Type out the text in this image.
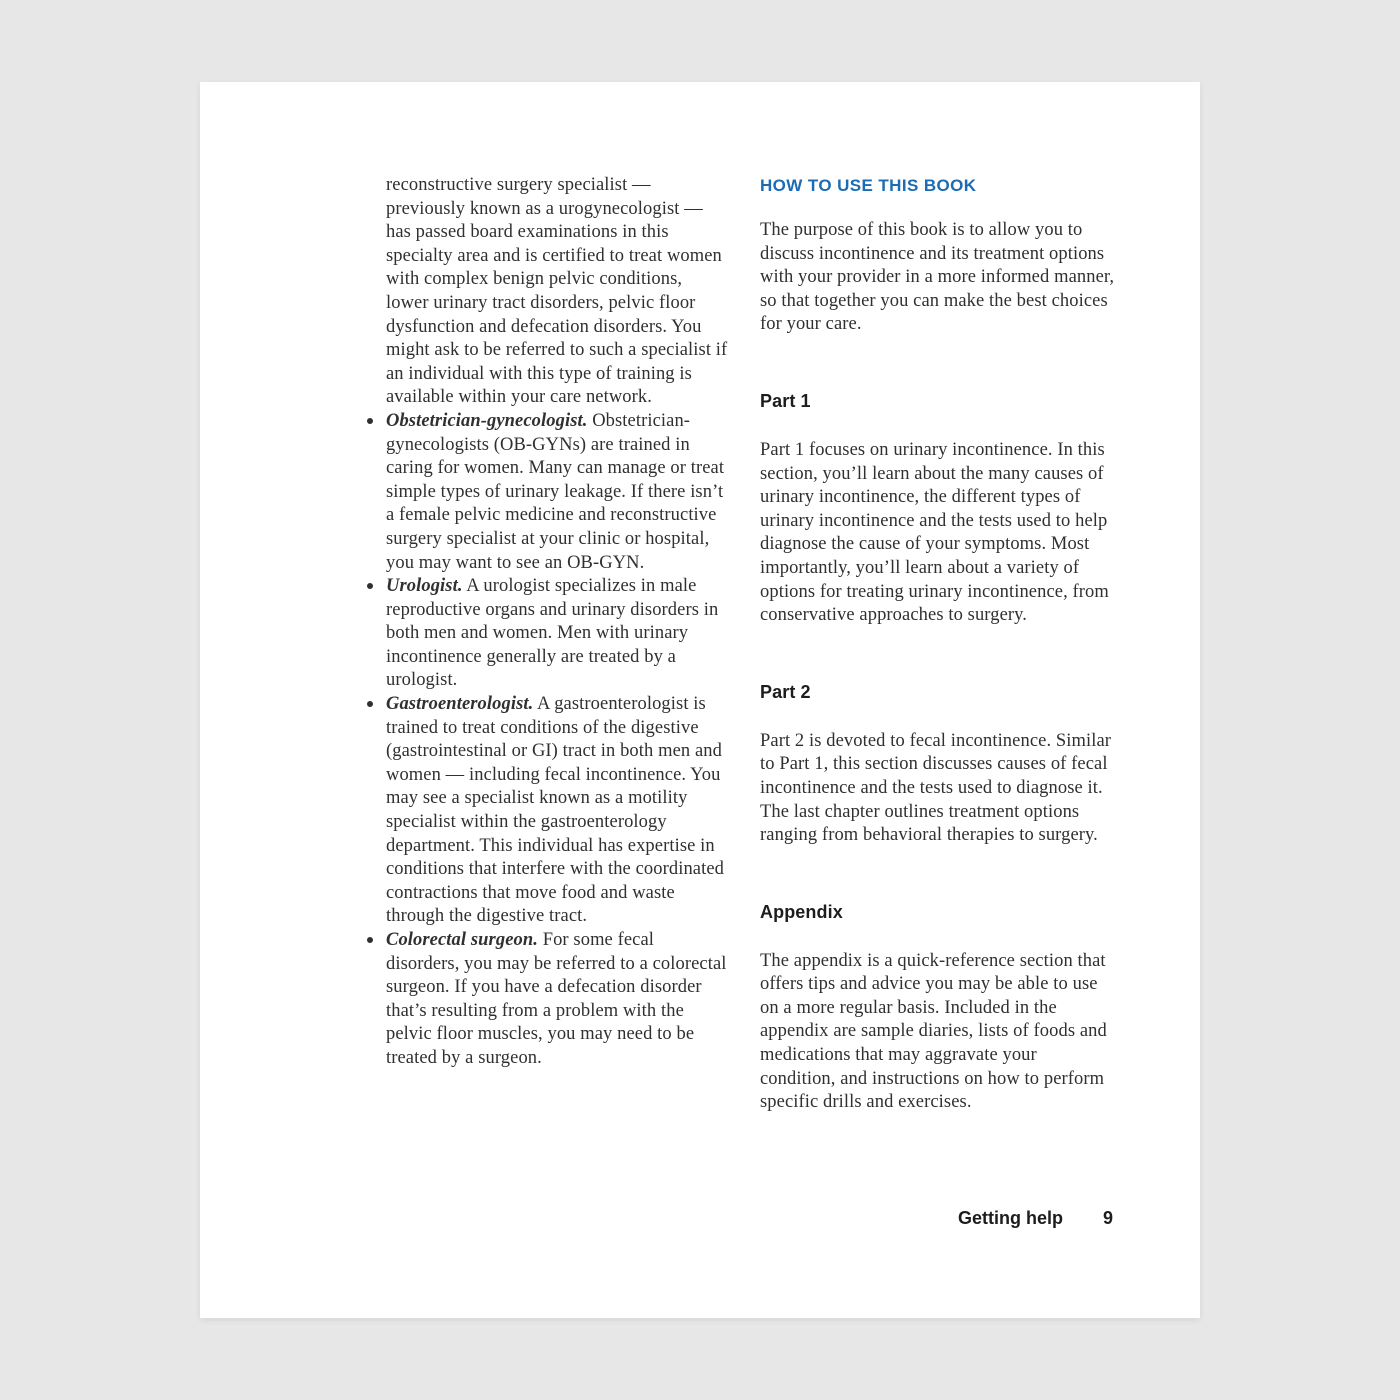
reconstructive surgery specialist — previously known as a urogynecologist — has passed board examinations in this specialty area and is certified to treat women with complex benign pelvic conditions, lower urinary tract disorders, pelvic floor dysfunction and defecation disorders. You might ask to be referred to such a specialist if an individual with this type of training is available within your care network.

Obstetrician-gynecologist. Obstetrician-gynecologists (OB-GYNs) are trained in caring for women. Many can manage or treat simple types of urinary leakage. If there isn’t a female pelvic medicine and reconstructive surgery specialist at your clinic or hospital, you may want to see an OB-GYN.
Urologist. A urologist specializes in male reproductive organs and urinary disorders in both men and women. Men with urinary incontinence generally are treated by a urologist.
Gastroenterologist. A gastroenterologist is trained to treat conditions of the digestive (gastrointestinal or GI) tract in both men and women — including fecal incontinence. You may see a specialist known as a motility specialist within the gastroenterology department. This individual has expertise in conditions that interfere with the coordinated contractions that move food and waste through the digestive tract.
Colorectal surgeon. For some fecal disorders, you may be referred to a colorectal surgeon. If you have a defecation disorder that’s resulting from a problem with the pelvic floor muscles, you may need to be treated by a surgeon.
HOW TO USE THIS BOOK

The purpose of this book is to allow you to discuss incontinence and its treatment options with your provider in a more informed manner, so that together you can make the best choices for your care.

Part 1

Part 1 focuses on urinary incontinence. In this section, you’ll learn about the many causes of urinary incontinence, the different types of urinary incontinence and the tests used to help diagnose the cause of your symptoms. Most importantly, you’ll learn about a variety of options for treating urinary incontinence, from conservative approaches to surgery.

Part 2

Part 2 is devoted to fecal incontinence. Similar to Part 1, this section discusses causes of fecal incontinence and the tests used to diagnose it. The last chapter outlines treatment options ranging from behavioral therapies to surgery.

Appendix

The appendix is a quick-reference section that offers tips and advice you may be able to use on a more regular basis. Included in the appendix are sample diaries, lists of foods and medications that may aggravate your condition, and instructions on how to perform specific drills and exercises.

Getting help 9
